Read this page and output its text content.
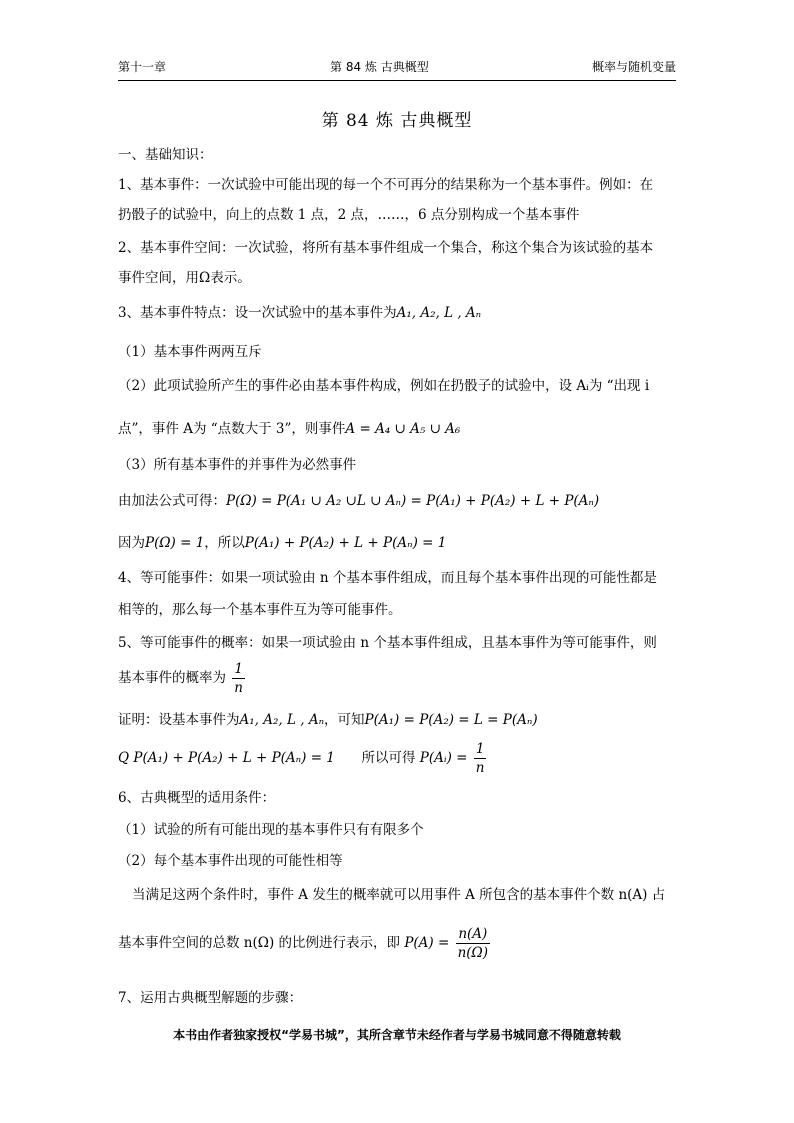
第十一章	第 84 炼 古典概型	概率与随机变量
第 84 炼 古典概型
一、基础知识：
1、基本事件：一次试验中可能出现的每一个不可再分的结果称为一个基本事件。例如：在
扔骰子的试验中，向上的点数 1 点，2 点，……，6 点分别构成一个基本事件
2、基本事件空间：一次试验，将所有基本事件组成一个集合，称这个集合为该试验的基本
事件空间，用Ω表示。
3、基本事件特点：设一次试验中的基本事件为A₁, A₂, L , Aₙ
（1）基本事件两两互斥
（2）此项试验所产生的事件必由基本事件构成，例如在扔骰子的试验中，设 Aᵢ为 “出现 i
点”，事件 A为 “点数大于 3”，则事件A = A₄ ∪ A₅ ∪ A₆
（3）所有基本事件的并事件为必然事件
由加法公式可得：P(Ω) = P(A₁ ∪ A₂ ∪L ∪ Aₙ) = P(A₁) + P(A₂) + L + P(Aₙ)
因为P(Ω) = 1，所以P(A₁) + P(A₂) + L + P(Aₙ) = 1
4、等可能事件：如果一项试验由 n 个基本事件组成，而且每个基本事件出现的可能性都是
相等的，那么每一个基本事件互为等可能事件。
5、等可能事件的概率：如果一项试验由 n 个基本事件组成，且基本事件为等可能事件，则
基本事件的概率为 $\frac{1}{n}$
证明：设基本事件为A₁, A₂, L , Aₙ，可知P(A₁) = P(A₂) = L = P(Aₙ)
Q P(A₁) + P(A₂) + L + P(Aₙ) = 1 所以可得 P(Aᵢ) = $\frac{1}{n}$
6、古典概型的适用条件：
（1）试验的所有可能出现的基本事件只有有限多个
（2）每个基本事件出现的可能性相等
当满足这两个条件时，事件 A 发生的概率就可以用事件 A 所包含的基本事件个数 n(A) 占
基本事件空间的总数 n(Ω) 的比例进行表示，即 $P(A) = \frac{n(A)}{n(\Omega)}$
7、运用古典概型解题的步骤：
本书由作者独家授权“学易书城”，其所含章节未经作者与学易书城同意不得随意转载
